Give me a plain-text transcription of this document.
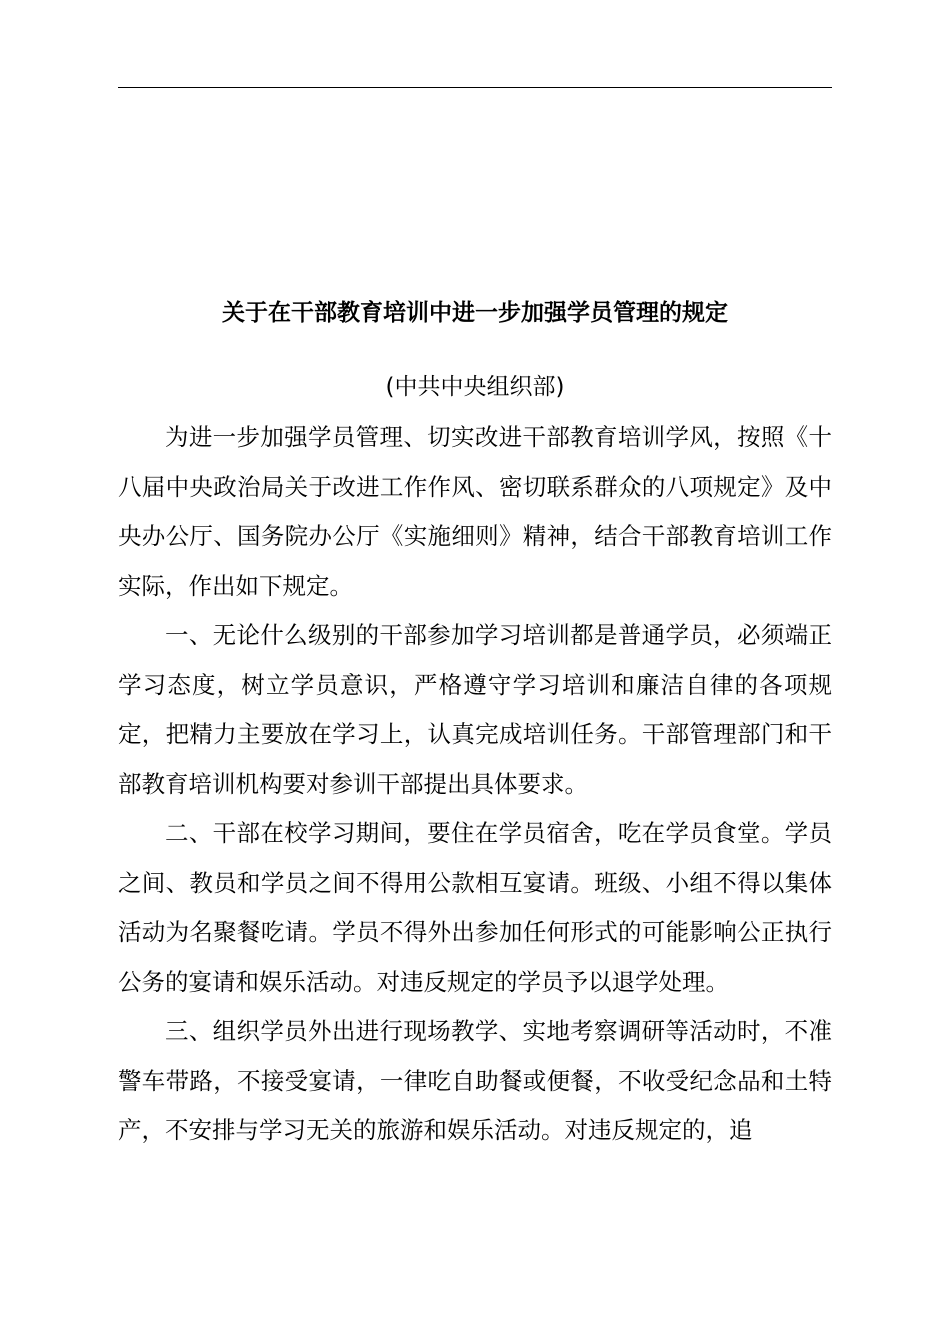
关于在干部教育培训中进一步加强学员管理的规定

(中共中央组织部)

为进一步加强学员管理、切实改进干部教育培训学风，按照《十八届中央政治局关于改进工作作风、密切联系群众的八项规定》及中央办公厅、国务院办公厅《实施细则》精神，结合干部教育培训工作实际，作出如下规定。

一、无论什么级别的干部参加学习培训都是普通学员，必须端正学习态度，树立学员意识，严格遵守学习培训和廉洁自律的各项规定，把精力主要放在学习上，认真完成培训任务。干部管理部门和干部教育培训机构要对参训干部提出具体要求。

二、干部在校学习期间，要住在学员宿舍，吃在学员食堂。学员之间、教员和学员之间不得用公款相互宴请。班级、小组不得以集体活动为名聚餐吃请。学员不得外出参加任何形式的可能影响公正执行公务的宴请和娱乐活动。对违反规定的学员予以退学处理。

三、组织学员外出进行现场教学、实地考察调研等活动时，不准警车带路，不接受宴请，一律吃自助餐或便餐，不收受纪念品和土特产，不安排与学习无关的旅游和娱乐活动。对违反规定的，追
